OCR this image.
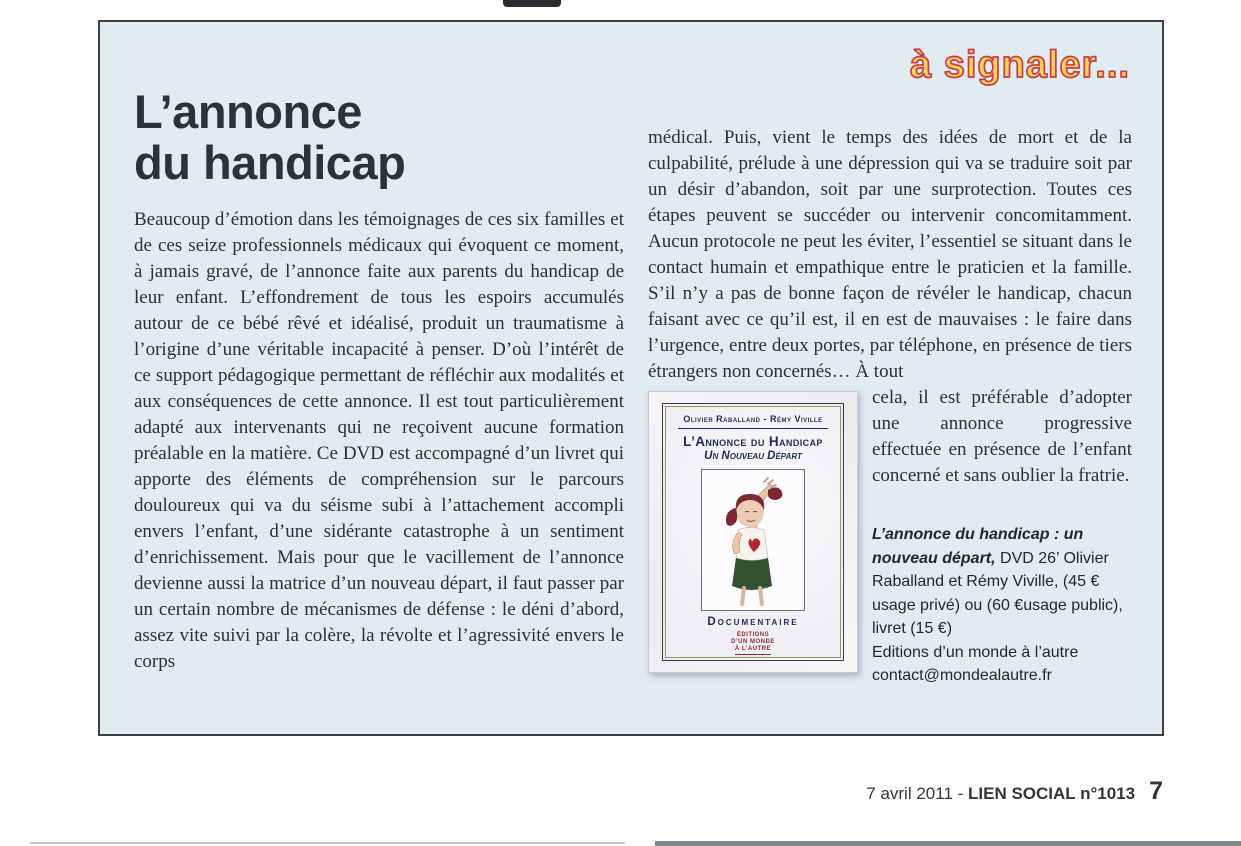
à signaler...
L’annonce
du handicap

Beaucoup d’émotion dans les témoignages de ces six familles et de ces seize professionnels médicaux qui évoquent ce moment, à jamais gravé, de l’annonce faite aux parents du handicap de leur enfant. L’effondrement de tous les espoirs accumulés autour de ce bébé rêvé et idéalisé, produit un traumatisme à l’origine d’une véritable incapacité à penser. D’où l’intérêt de ce support pédagogique permettant de réfléchir aux modalités et aux conséquences de cette annonce. Il est tout particulièrement adapté aux intervenants qui ne reçoivent aucune formation préalable en la matière. Ce DVD est accompagné d’un livret qui apporte des éléments de compréhension sur le parcours douloureux qui va du séisme subi à l’attachement accompli envers l’enfant, d’une sidérante catastrophe à un sentiment d’enrichissement. Mais pour que le vacillement de l’annonce devienne aussi la matrice d’un nouveau départ, il faut passer par un certain nombre de mécanismes de défense : le déni d’abord, assez vite suivi par la colère, la révolte et l’agressivité envers le corps

médical. Puis, vient le temps des idées de mort et de la culpabilité, prélude à une dépression qui va se traduire soit par un désir d’abandon, soit par une surprotection. Toutes ces étapes peuvent se succéder ou intervenir concomitamment. Aucun protocole ne peut les éviter, l’essentiel se situant dans le contact humain et empathique entre le praticien et la famille. S’il n’y a pas de bonne façon de révéler le handicap, chacun faisant avec ce qu’il est, il en est de mauvaises : le faire dans l’urgence, entre deux portes, par téléphone, en présence de tiers étrangers non concernés… À tout

Olivier Raballand - Rémy Viville
L’Annonce du Handicap
Un Nouveau Départ
Documentaire
ÉDITIONS
D’UN MONDE
À L’AUTRE

cela, il est préférable d’adopter une annonce progressive effectuée en présence de l’enfant concerné et sans oublier la fratrie.

L’annonce du handicap : un nouveau départ, DVD 26’ Olivier Raballand et Rémy Viville, (45 € usage privé) ou (60 €usage public), livret (15 €)
Editions d’un monde à l’autre
contact@mondealautre.fr
7 avril 2011 - LIEN SOCIAL n°1013 7
